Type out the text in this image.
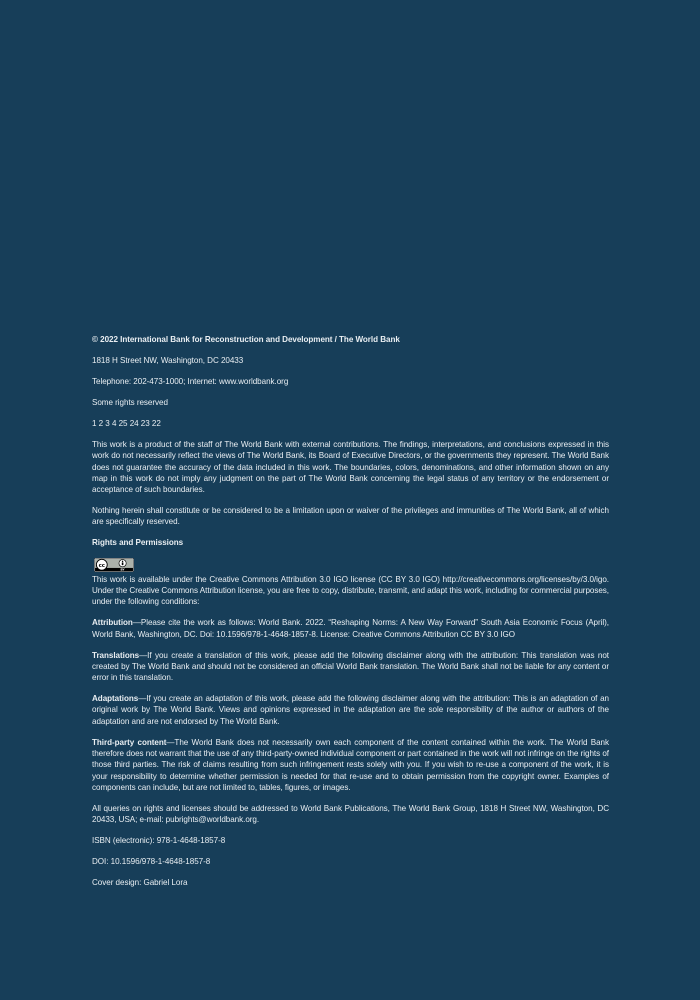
© 2022 International Bank for Reconstruction and Development / The World Bank

1818 H Street NW, Washington, DC 20433

Telephone: 202-473-1000; Internet: www.worldbank.org

Some rights reserved

1 2 3 4 25 24 23 22

This work is a product of the staff of The World Bank with external contributions. The findings, interpretations, and conclusions expressed in this work do not necessarily reflect the views of The World Bank, its Board of Executive Directors, or the governments they represent. The World Bank does not guarantee the accuracy of the data included in this work. The boundaries, colors, denominations, and other information shown on any map in this work do not imply any judgment on the part of The World Bank concerning the legal status of any territory or the endorsement or acceptance of such boundaries.

Nothing herein shall constitute or be considered to be a limitation upon or waiver of the privileges and immunities of The World Bank, all of which are specifically reserved.

Rights and Permissions

cc
BY

This work is available under the Creative Commons Attribution 3.0 IGO license (CC BY 3.0 IGO) http://creativecommons.org/licenses/by/3.0/igo. Under the Creative Commons Attribution license, you are free to copy, distribute, transmit, and adapt this work, including for commercial purposes, under the following conditions:

Attribution—Please cite the work as follows: World Bank. 2022. “Reshaping Norms: A New Way Forward” South Asia Economic Focus (April), World Bank, Washington, DC. Doi: 10.1596/978-1-4648-1857-8. License: Creative Commons Attribution CC BY 3.0 IGO

Translations—If you create a translation of this work, please add the following disclaimer along with the attribution: This translation was not created by The World Bank and should not be considered an official World Bank translation. The World Bank shall not be liable for any content or error in this translation.

Adaptations—If you create an adaptation of this work, please add the following disclaimer along with the attribution: This is an adaptation of an original work by The World Bank. Views and opinions expressed in the adaptation are the sole responsibility of the author or authors of the adaptation and are not endorsed by The World Bank.

Third-party content—The World Bank does not necessarily own each component of the content contained within the work. The World Bank therefore does not warrant that the use of any third-party-owned individual component or part contained in the work will not infringe on the rights of those third parties. The risk of claims resulting from such infringement rests solely with you. If you wish to re-use a component of the work, it is your responsibility to determine whether permission is needed for that re-use and to obtain permission from the copyright owner. Examples of components can include, but are not limited to, tables, figures, or images.

All queries on rights and licenses should be addressed to World Bank Publications, The World Bank Group, 1818 H Street NW, Washington, DC 20433, USA; e-mail: pubrights@worldbank.org.

ISBN (electronic): 978-1-4648-1857-8

DOI: 10.1596/978-1-4648-1857-8

Cover design: Gabriel Lora
